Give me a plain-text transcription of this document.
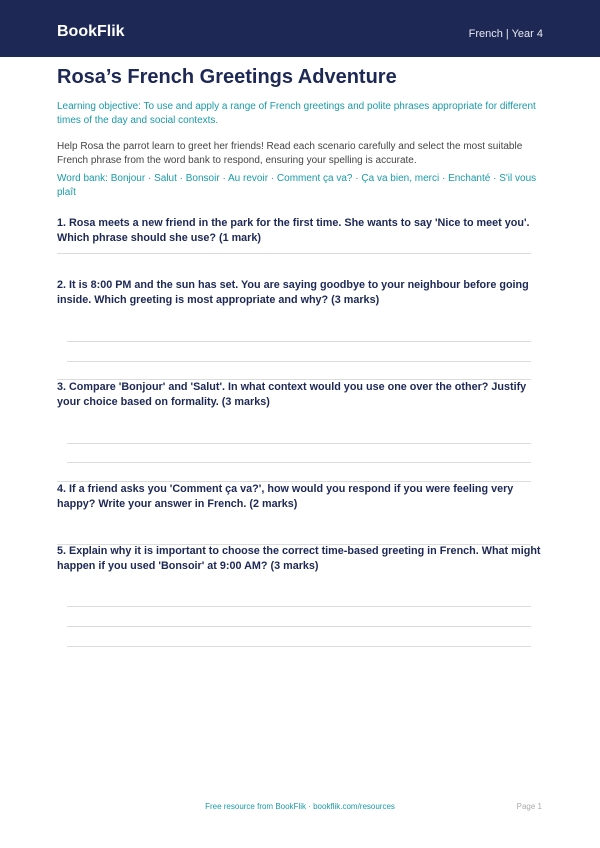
BookFlik	French | Year 4
Rosa’s French Greetings Adventure

Learning objective: To use and apply a range of French greetings and polite phrases appropriate for different times of the day and social contexts.

Help Rosa the parrot learn to greet her friends! Read each scenario carefully and select the most suitable French phrase from the word bank to respond, ensuring your spelling is accurate.

Word bank: Bonjour · Salut · Bonsoir · Au revoir · Comment ça va? · Ça va bien, merci · Enchanté · S'il vous plaît

1. Rosa meets a new friend in the park for the first time. She wants to say 'Nice to meet you'. Which phrase should she use? (1 mark)

2. It is 8:00 PM and the sun has set. You are saying goodbye to your neighbour before going inside. Which greeting is most appropriate and why? (3 marks)

3. Compare 'Bonjour' and 'Salut'. In what context would you use one over the other? Justify your choice based on formality. (3 marks)

4. If a friend asks you 'Comment ça va?', how would you respond if you were feeling very happy? Write your answer in French. (2 marks)

5. Explain why it is important to choose the correct time-based greeting in French. What might happen if you used 'Bonsoir' at 9:00 AM? (3 marks)

Free resource from BookFlik · bookflik.com/resources	Page 1
